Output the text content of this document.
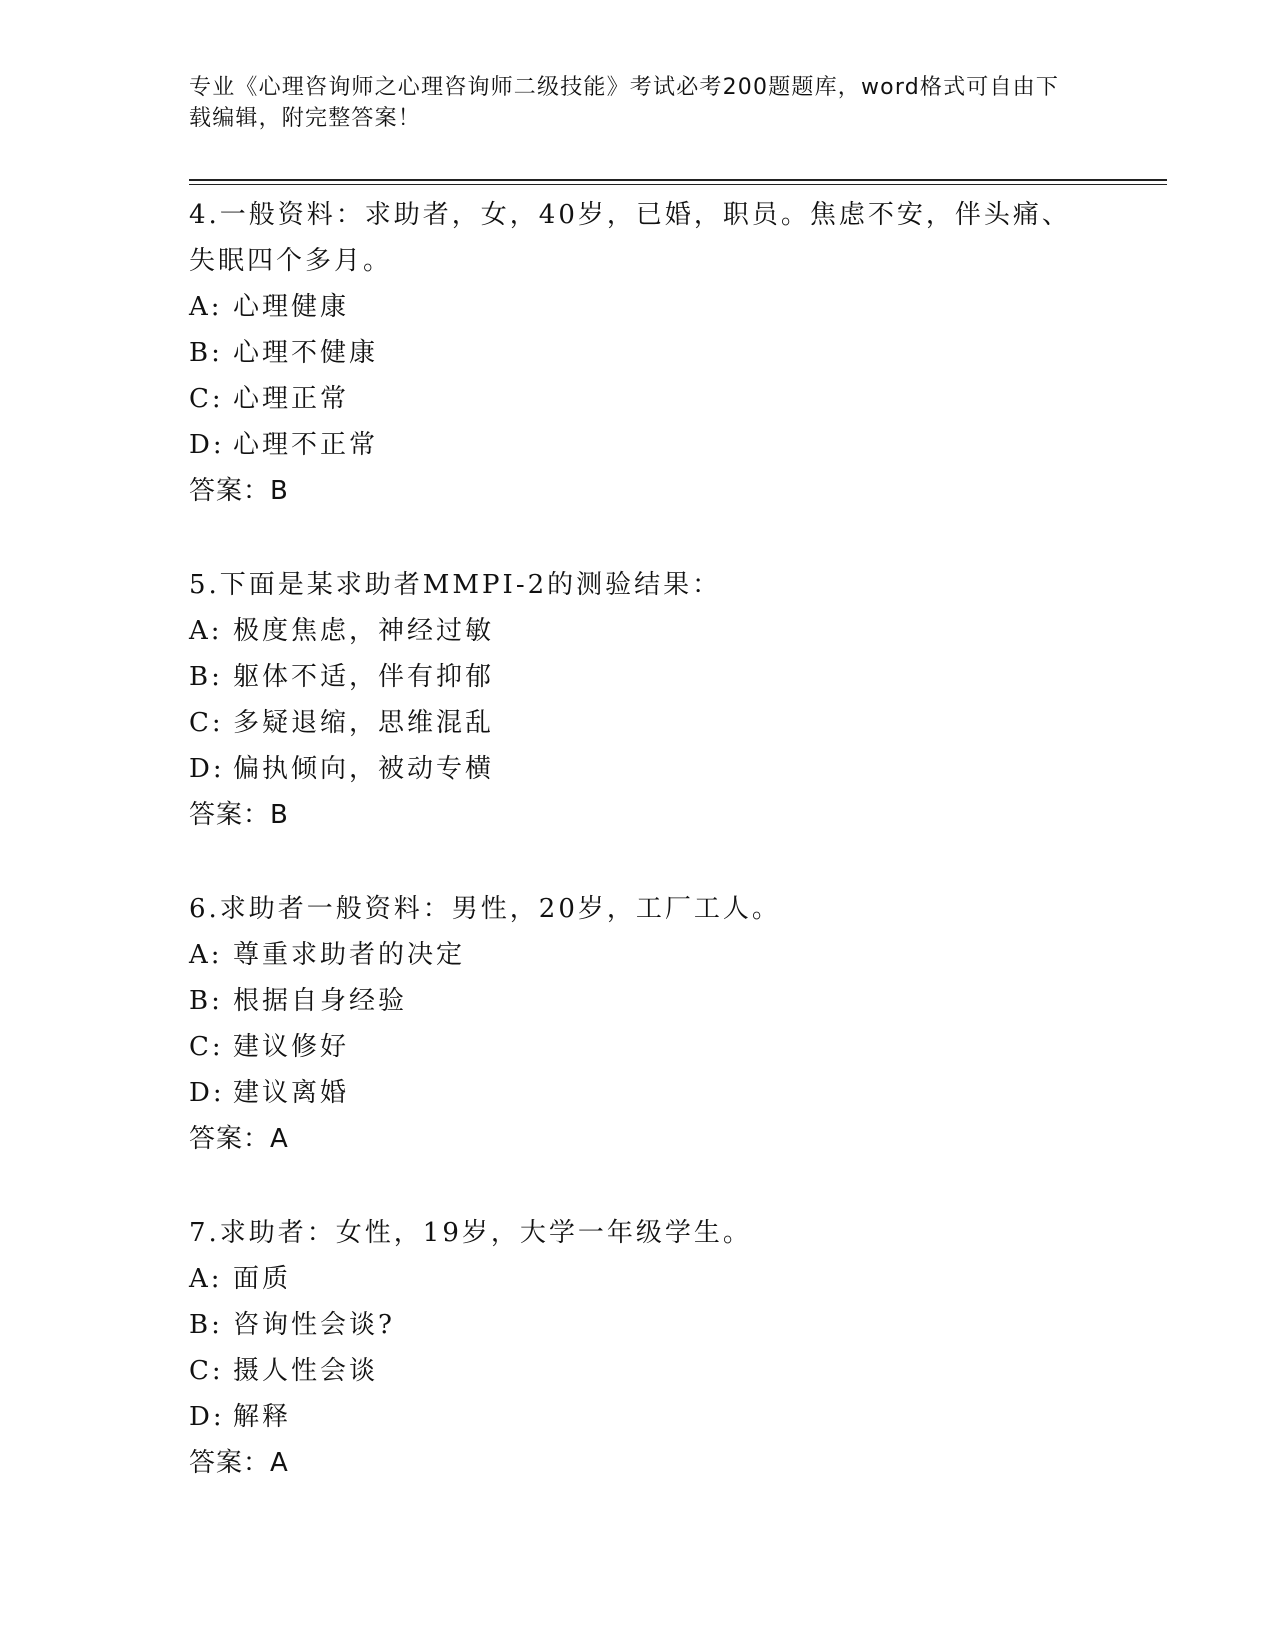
专业《心理咨询师之心理咨询师二级技能》考试必考200题题库，word格式可自由下载编辑，附完整答案！
4.一般资料：求助者，女，40岁，已婚，职员。焦虑不安，伴头痛、失眠四个多月。
A: 心理健康
B: 心理不健康
C: 心理正常
D: 心理不正常
答案：B
5.下面是某求助者MMPI-2的测验结果：
A: 极度焦虑，神经过敏
B: 躯体不适，伴有抑郁
C: 多疑退缩，思维混乱
D: 偏执倾向，被动专横
答案：B
6.求助者一般资料：男性，20岁，工厂工人。
A: 尊重求助者的决定
B: 根据自身经验
C: 建议修好
D: 建议离婚
答案：A
7.求助者：女性，19岁，大学一年级学生。
A: 面质
B: 咨询性会谈?
C: 摄人性会谈
D: 解释
答案：A
